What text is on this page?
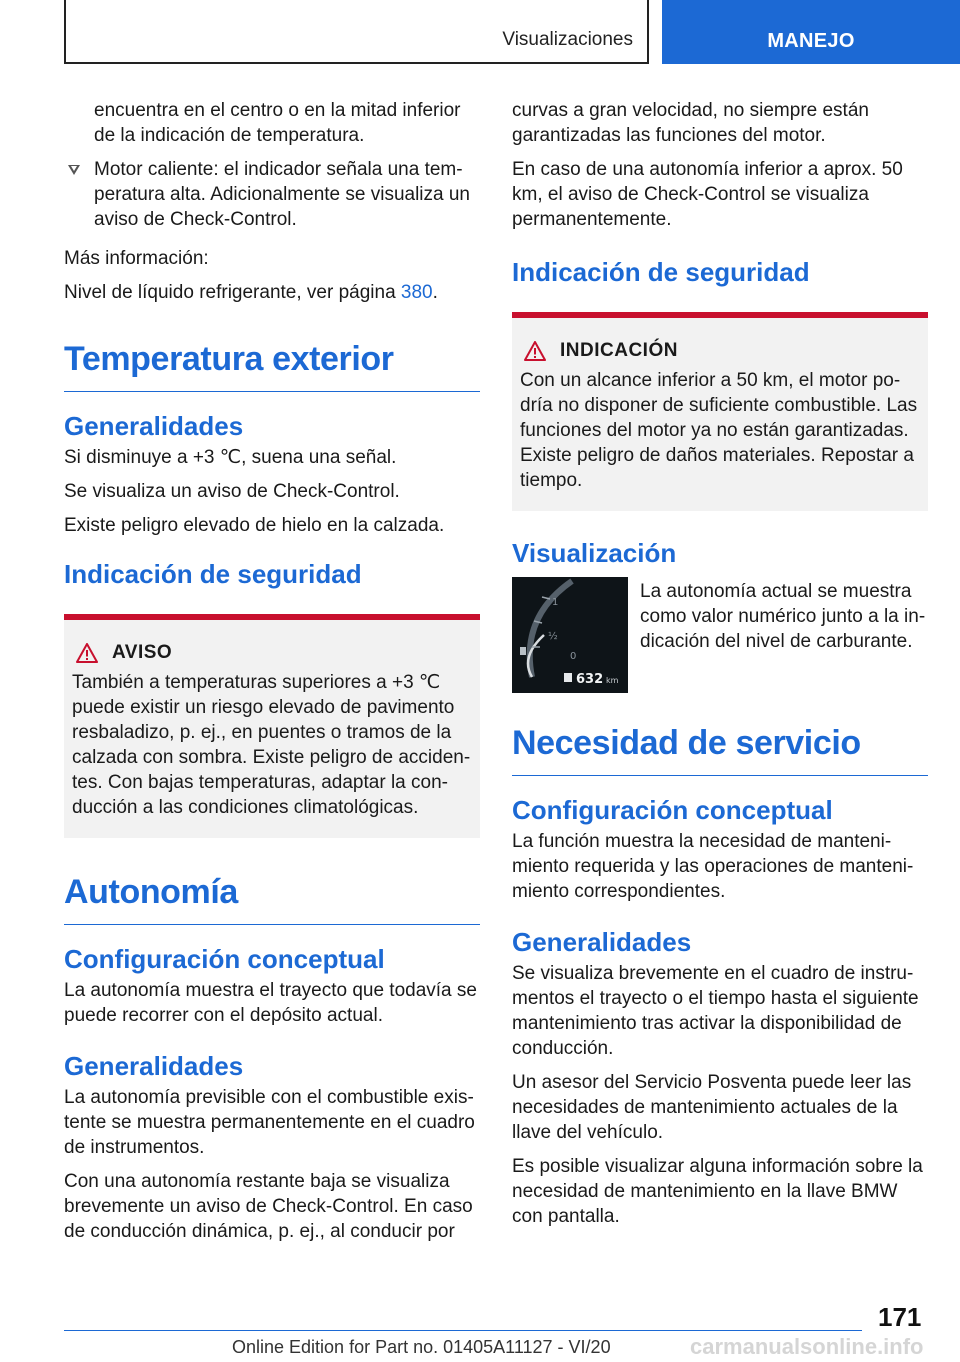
Visualizaciones	MANEJO

encuentra en el centro o en la mitad inferior de la indicación de temperatura.

Motor caliente: el indicador señala una temperatura alta. Adicionalmente se visualiza un aviso de Check-Control.

Más información:

Nivel de líquido refrigerante, ver página 380.

Temperatura exterior
Generalidades

Si disminuye a +3 ℃, suena una señal.

Se visualiza un aviso de Check-Control.

Existe peligro elevado de hielo en la calzada.

Indicación de seguridad
AVISO

También a temperaturas superiores a +3 ℃ puede existir un riesgo elevado de pavimento resbaladizo, p. ej., en puentes o tramos de la calzada con sombra. Existe peligro de accidentes. Con bajas temperaturas, adaptar la conducción a las condiciones climatológicas.

Autonomía
Configuración conceptual

La autonomía muestra el trayecto que todavía se puede recorrer con el depósito actual.

Generalidades

La autonomía previsible con el combustible existente se muestra permanentemente en el cuadro de instrumentos.

Con una autonomía restante baja se visualiza brevemente un aviso de Check-Control. En caso de conducción dinámica, p. ej., al conducir por

curvas a gran velocidad, no siempre están garantizadas las funciones del motor.

En caso de una autonomía inferior a aprox. 50 km, el aviso de Check-Control se visualiza permanentemente.

Indicación de seguridad
INDICACIÓN

Con un alcance inferior a 50 km, el motor podría no disponer de suficiente combustible. Las funciones del motor ya no están garantizadas. Existe peligro de daños materiales. Repostar a tiempo.

Visualización
1
½
0
632 km

La autonomía actual se muestra como valor numérico junto a la indicación del nivel de carburante.

Necesidad de servicio
Configuración conceptual

La función muestra la necesidad de mantenimiento requerida y las operaciones de mantenimiento correspondientes.

Generalidades

Se visualiza brevemente en el cuadro de instrumentos el trayecto o el tiempo hasta el siguiente mantenimiento tras activar la disponibilidad de conducción.

Un asesor del Servicio Posventa puede leer las necesidades de mantenimiento actuales de la llave del vehículo.

Es posible visualizar alguna información sobre la necesidad de mantenimiento en la llave BMW con pantalla.

171
Online Edition for Part no. 01405A11127 - VI/20	carmanualsonline.info
